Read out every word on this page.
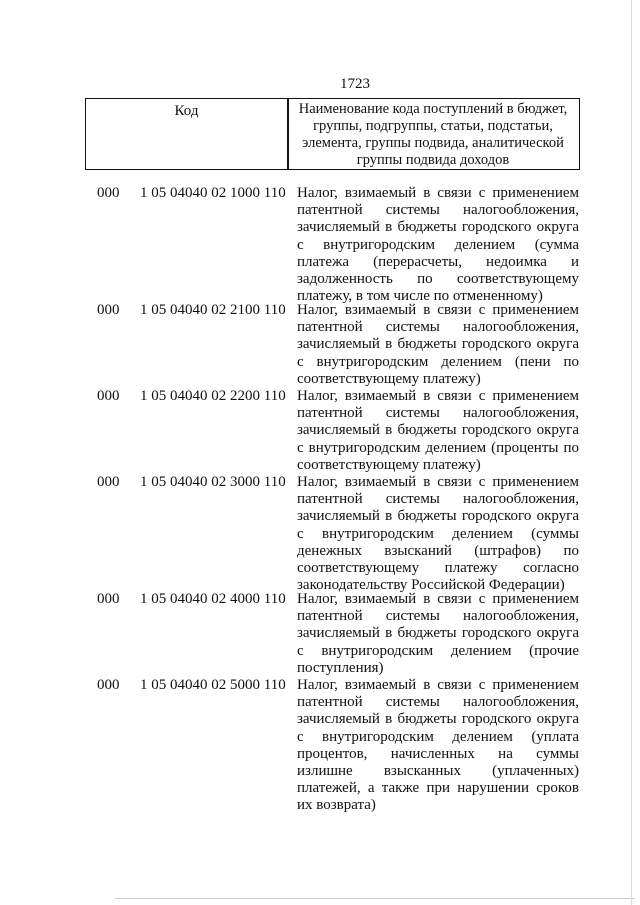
1723
Код	Наименование кода поступлений в бюджет, группы, подгруппы, статьи, подстатьи, элемента, группы подвида, аналитической группы подвида доходов
000 1 05 04040 02 1000 110 Налог, взимаемый в связи с применением патентной системы налогообложения, зачисляемый в бюджеты городского округа с внутригородским делением (сумма платежа (перерасчеты, недоимка и задолженность по соответствующему платежу, в том числе по отмененному)
000 1 05 04040 02 2100 110 Налог, взимаемый в связи с применением патентной системы налогообложения, зачисляемый в бюджеты городского округа с внутригородским делением (пени по соответствующему платежу)
000 1 05 04040 02 2200 110 Налог, взимаемый в связи с применением патентной системы налогообложения, зачисляемый в бюджеты городского округа с внутригородским делением (проценты по соответствующему платежу)
000 1 05 04040 02 3000 110 Налог, взимаемый в связи с применением патентной системы налогообложения, зачисляемый в бюджеты городского округа с внутригородским делением (суммы денежных взысканий (штрафов) по соответствующему платежу согласно законодательству Российской Федерации)
000 1 05 04040 02 4000 110 Налог, взимаемый в связи с применением патентной системы налогообложения, зачисляемый в бюджеты городского округа с внутригородским делением (прочие поступления)
000 1 05 04040 02 5000 110 Налог, взимаемый в связи с применением патентной системы налогообложения, зачисляемый в бюджеты городского округа с внутригородским делением (уплата процентов, начисленных на суммы излишне взысканных (уплаченных) платежей, а также при нарушении сроков их возврата)
